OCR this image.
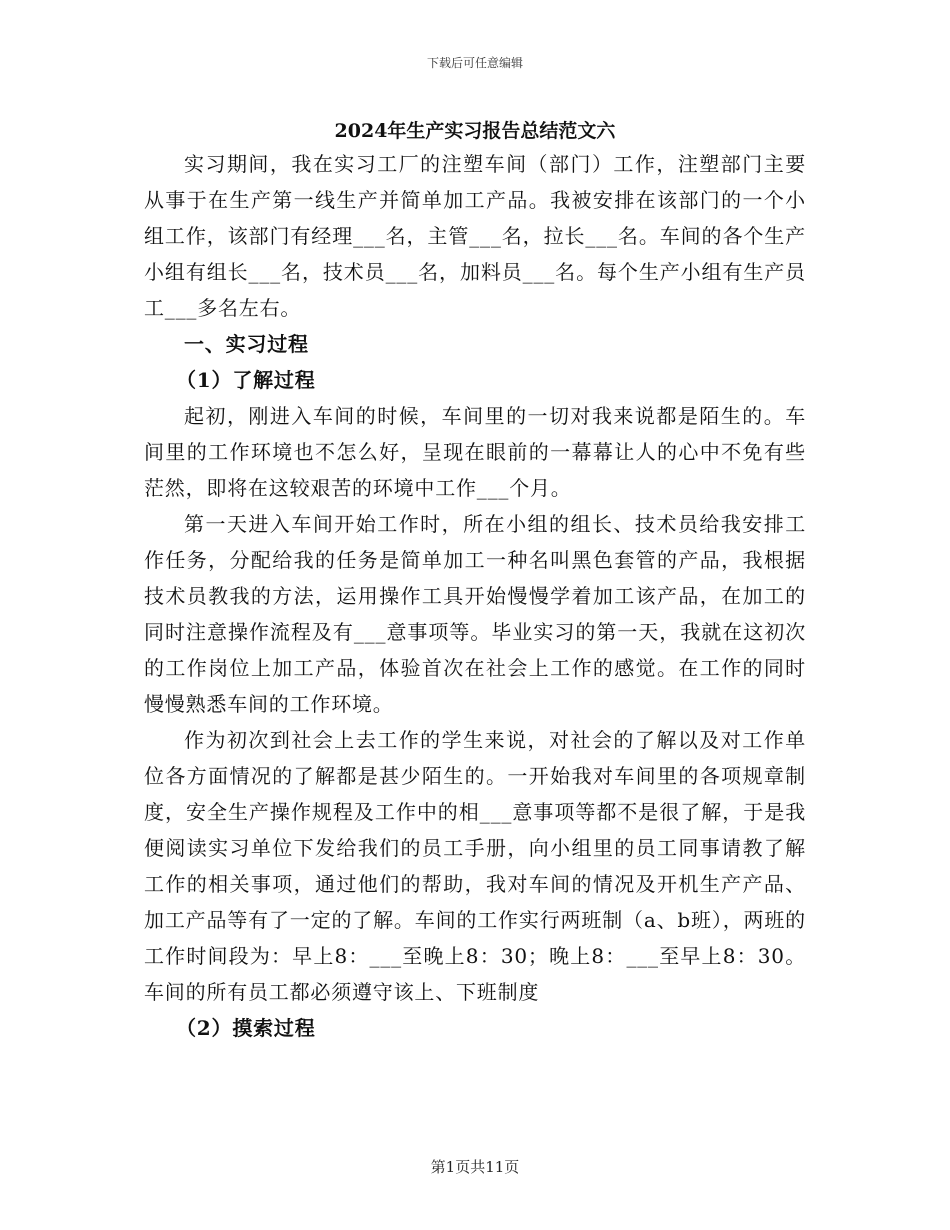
下载后可任意编辑
2024年生产实习报告总结范文六

实习期间，我在实习工厂的注塑车间（部门）工作，注塑部门主要从事于在生产第一线生产并简单加工产品。我被安排在该部门的一个小组工作，该部门有经理___名，主管___名，拉长___名。车间的各个生产小组有组长___名，技术员___名，加料员___名。每个生产小组有生产员工___多名左右。

一、实习过程
（1）了解过程

起初，刚进入车间的时候，车间里的一切对我来说都是陌生的。车间里的工作环境也不怎么好，呈现在眼前的一幕幕让人的心中不免有些茫然，即将在这较艰苦的环境中工作___个月。

第一天进入车间开始工作时，所在小组的组长、技术员给我安排工作任务，分配给我的任务是简单加工一种名叫黑色套管的产品，我根据技术员教我的方法，运用操作工具开始慢慢学着加工该产品，在加工的同时注意操作流程及有___意事项等。毕业实习的第一天，我就在这初次的工作岗位上加工产品，体验首次在社会上工作的感觉。在工作的同时慢慢熟悉车间的工作环境。

作为初次到社会上去工作的学生来说，对社会的了解以及对工作单位各方面情况的了解都是甚少陌生的。一开始我对车间里的各项规章制度，安全生产操作规程及工作中的相___意事项等都不是很了解，于是我便阅读实习单位下发给我们的员工手册，向小组里的员工同事请教了解工作的相关事项，通过他们的帮助，我对车间的情况及开机生产产品、加工产品等有了一定的了解。车间的工作实行两班制（a、b班），两班的工作时间段为：早上8：___至晚上8：30；晚上8：___至早上8：30。车间的所有员工都必须遵守该上、下班制度

（2）摸索过程
第1页共11页
